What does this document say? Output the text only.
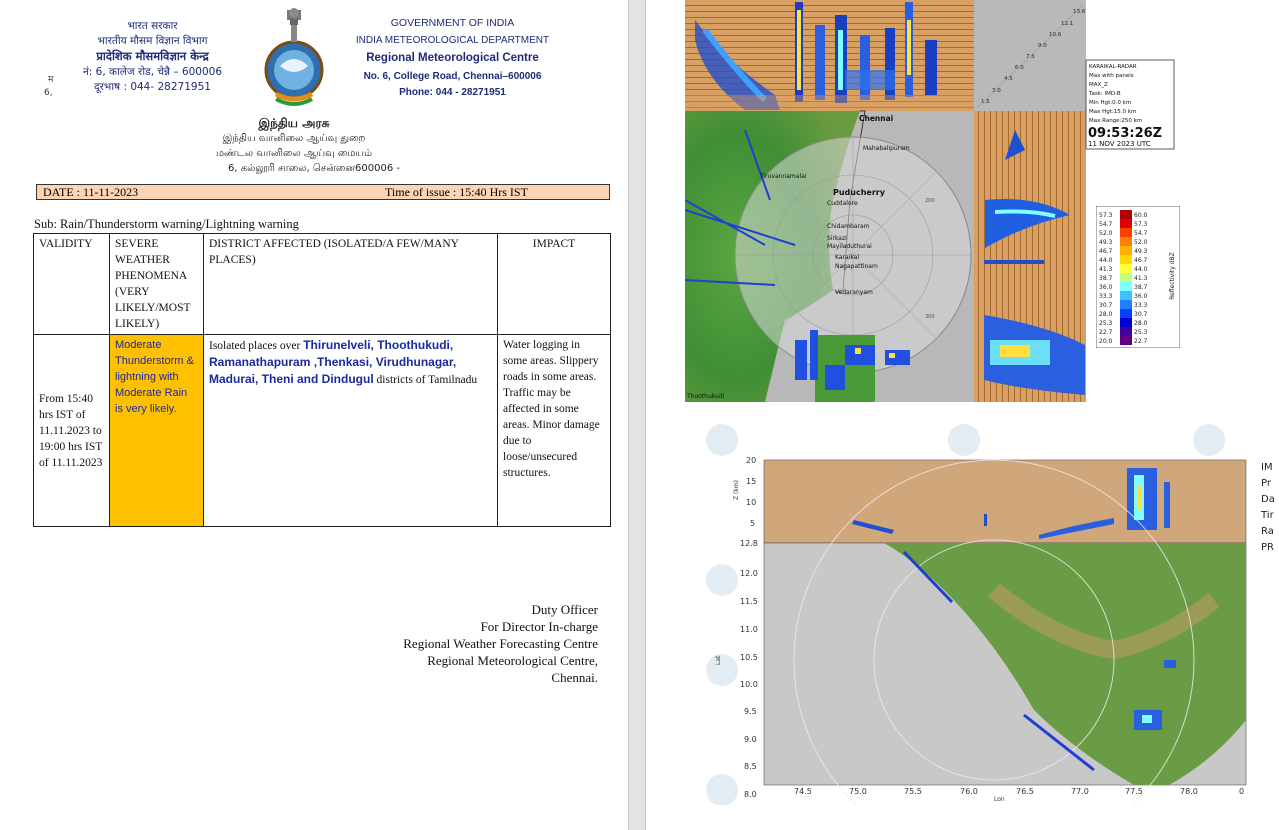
म
6,
भारत सरकार
भारतीय मौसम विज्ञान विभाग
प्रादेशिक मौसमविज्ञान केन्द्र
नं: 6, कालेज रोड, चेन्नै – 600006
दूरभाष : 044- 28271951
GOVERNMENT OF INDIA
INDIA METEOROLOGICAL DEPARTMENT
Regional Meteorological Centre
No. 6, College Road, Chennai–600006
Phone: 044 - 28271951
இந்திய அரசு
இந்திய வானிலை ஆய்வு துறை
மண்டல வானிலை ஆய்வு மையம்
6, கல்லூரி சாலை, சென்னை600006 -
DATE : 11-11-2023	Time of issue : 15:40 Hrs IST
Sub: Rain/Thunderstorm warning/Lightning warning
VALIDITY	SEVERE WEATHER PHENOMENA (VERY LIKELY/MOST LIKELY)	DISTRICT AFFECTED (ISOLATED/A FEW/MANY PLACES)	IMPACT
From 15:40 hrs IST of 11.11.2023 to 19:00 hrs IST of 11.11.2023	Moderate Thunderstorm & lightning with Moderate Rain is very likely.	Isolated places over Thirunelveli, Thoothukudi, Ramanathapuram ,Thenkasi, Virudhunagar, Madurai, Theni and Dindugul districts of Tamilnadu	Water logging in some areas. Slippery roads in some areas. Traffic may be affected in some areas. Minor damage due to loose/unsecured structures.
Duty Officer
For Director In-charge
Regional Weather Forecasting Centre
Regional Meteorological Centre,
Chennai.
13.6
12.1
10.6
9.0
7.5
6.0
4.5
3.0
1.5
Chennai
Mahabalipuram
Tiruvannamalai
Puducherry
Cuddalore
Chidambaram
Sirkazi
Mayiladuthurai
Karaikal
Nagapattinam
Vedaranyam
Thoothukudi
200
300
KARAIKAL-RADAR
Max with panels
MAX_Z
Task: IMD-B
Min Hgt:0.0 km
Max Hgt:15.0 km
Max Range:250 km
09:53:26Z
11 NOV 2023 UTC
57.3	60.0
54.7	57.3
52.0	54.7
49.3	52.0
46.7	49.3
44.0	46.7
41.3	44.0
38.7	41.3
36.0	38.7
33.3	36.0
30.7	33.3
28.0	30.7
25.3	28.0
22.7	25.3
20.0	22.7
Reflectivity dBZ
20
15
10
5
Z (km)
12.8
12.0
11.5
11.0
10.5
10.0
9.5
9.0
8.5
8.0
Lat
74.5	75.0	75.5	76.0	76.5	77.0	77.5	78.0	0
Lon
IM
Pr
Da
Tir
Ra
PR
